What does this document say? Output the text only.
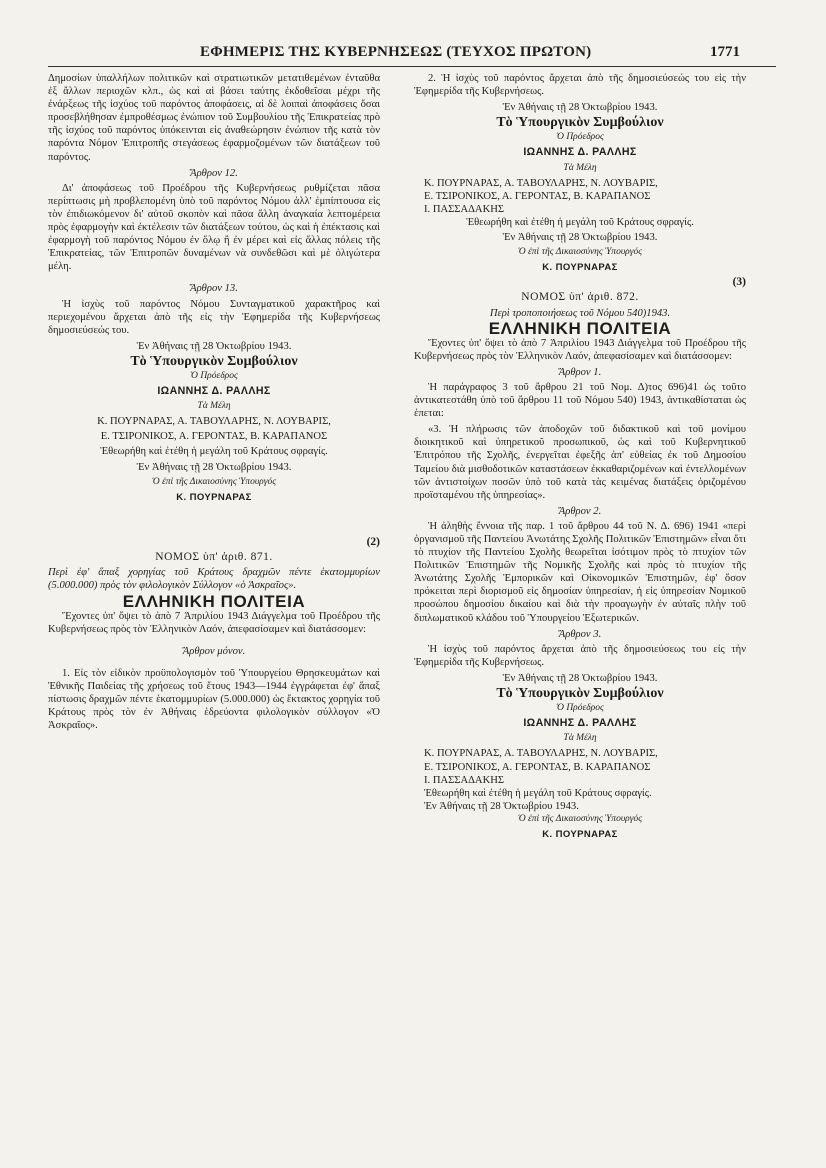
ΕΦΗΜΕΡΙΣ ΤΗΣ ΚΥΒΕΡΝΗΣΕΩΣ (ΤΕΥΧΟΣ ΠΡΩΤΟΝ)	1771

Δημοσίων ὑπαλλήλων πολιτικῶν καὶ στρατιωτικῶν μετατιθεμένων ἐνταῦθα ἐξ ἄλλων περιοχῶν κλπ., ὡς καὶ αἱ βάσει ταύτης ἐκδοθεῖσαι μέχρι τῆς ἐνάρξεως τῆς ἰσχύος τοῦ παρόντος ἀποφάσεις, αἱ δὲ λοιπαὶ ἀποφάσεις ὅσαι προσεβλήθησαν ἐμπροθέσμως ἐνώπιον τοῦ Συμβουλίου τῆς Ἐπικρατείας πρὸ τῆς ἰσχύος τοῦ παρόντος ὑπόκεινται εἰς ἀναθεώρησιν ἐνώπιον τῆς κατὰ τὸν παρόντα Νόμον Ἐπιτροπῆς στεγάσεως ἐφαρμοζομένων τῶν διατάξεων τοῦ παρόντος.

Ἄρθρον 12.

Δι' ἀποφάσεως τοῦ Προέδρου τῆς Κυβερνήσεως ρυθμίζεται πᾶσα περίπτωσις μὴ προβλεπομένη ὑπὸ τοῦ παρόντος Νόμου ἀλλ' ἐμπίπτουσα εἰς τὸν ἐπιδιωκόμενον δι' αὐτοῦ σκοπὸν καὶ πᾶσα ἄλλη ἀναγκαία λεπτομέρεια πρὸς ἐφαρμογὴν καὶ ἐκτέλεσιν τῶν διατάξεων τούτου, ὡς καὶ ἡ ἐπέκτασις καὶ ἐφαρμογὴ τοῦ παρόντος Νόμου ἐν ὅλῳ ἢ ἐν μέρει καὶ εἰς ἄλλας πόλεις τῆς Ἐπικρατείας, τῶν Ἐπιτροπῶν δυναμένων νὰ συνδεθῶσι καὶ μὲ ὀλιγώτερα μέλη.

Ἄρθρον 13.

Ἡ ἰσχὺς τοῦ παρόντος Νόμου Συνταγματικοῦ χαρακτῆρος καὶ περιεχομένου ἄρχεται ἀπὸ τῆς εἰς τὴν Ἐφημερίδα τῆς Κυβερνήσεως δημοσιεύσεώς του.

Ἐν Ἀθήναις τῇ 28 Ὀκτωβρίου 1943.

Τὸ Ὑπουργικὸν Συμβούλιον

Ὁ Πρόεδρος

ΙΩΑΝΝΗΣ Δ. ΡΑΛΛΗΣ

Τὰ Μέλη

Κ. ΠΟΥΡΝΑΡΑΣ, Α. ΤΑΒΟΥΛΑΡΗΣ, Ν. ΛΟΥΒΑΡΙΣ,

Ε. ΤΣΙΡΟΝΙΚΟΣ, Α. ΓΕΡΟΝΤΑΣ, Β. ΚΑΡΑΠΑΝΟΣ

Ἐθεωρήθη καὶ ἐτέθη ἡ μεγάλη τοῦ Κράτους σφραγίς.

Ἐν Ἀθήναις τῇ 28 Ὀκτωβρίου 1943.

Ὁ ἐπὶ τῆς Δικαιοσύνης Ὑπουργός

Κ. ΠΟΥΡΝΑΡΑΣ

(2)

ΝΟΜΟΣ ὑπ' ἀριθ. 871.

Περὶ ἐφ' ἅπαξ χορηγίας τοῦ Κράτους δραχμῶν πέντε ἑκατομμυρίων (5.000.000) πρὸς τὸν φιλολογικὸν Σύλλογον «ὁ Ἀσκραῖος».

ΕΛΛΗΝΙΚΗ ΠΟΛΙΤΕΙΑ

Ἔχοντες ὑπ' ὄψει τὸ ἀπὸ 7 Ἀπριλίου 1943 Διάγγελμα τοῦ Προέδρου τῆς Κυβερνήσεως πρὸς τὸν Ἑλληνικὸν Λαόν, ἀπεφασίσαμεν καὶ διατάσσομεν:

Ἄρθρον μόνον.

1. Εἰς τὸν εἰδικὸν προϋπολογισμὸν τοῦ Ὑπουργείου Θρησκευμάτων καὶ Ἐθνικῆς Παιδείας τῆς χρήσεως τοῦ ἔτους 1943—1944 ἐγγράφεται ἐφ' ἅπαξ πίστωσις δραχμῶν πέντε ἑκατομμυρίων (5.000.000) ὡς ἔκτακτος χορηγία τοῦ Κράτους πρὸς τὸν ἐν Ἀθήναις ἑδρεύοντα φιλολογικὸν σύλλογον «Ὁ Ἀσκραῖος».

2. Ἡ ἰσχὺς τοῦ παρόντος ἄρχεται ἀπὸ τῆς δημοσιεύσεώς του εἰς τὴν Ἐφημερίδα τῆς Κυβερνήσεως.

Ἐν Ἀθήναις τῇ 28 Ὀκτωβρίου 1943.

Τὸ Ὑπουργικὸν Συμβούλιον

Ὁ Πρόεδρος

ΙΩΑΝΝΗΣ Δ. ΡΑΛΛΗΣ

Τὰ Μέλη

Κ. ΠΟΥΡΝΑΡΑΣ, Α. ΤΑΒΟΥΛΑΡΗΣ, Ν. ΛΟΥΒΑΡΙΣ,

Ε. ΤΣΙΡΟΝΙΚΟΣ, Α. ΓΕΡΟΝΤΑΣ, Β. ΚΑΡΑΠΑΝΟΣ

Ι. ΠΑΣΣΑΔΑΚΗΣ

Ἐθεωρήθη καὶ ἐτέθη ἡ μεγάλη τοῦ Κράτους σφραγίς.

Ἐν Ἀθήναις τῇ 28 Ὀκτωβρίου 1943.

Ὁ ἐπὶ τῆς Δικαιοσύνης Ὑπουργός

Κ. ΠΟΥΡΝΑΡΑΣ

(3)

ΝΟΜΟΣ ὑπ' ἀριθ. 872.

Περὶ τροποποιήσεως τοῦ Νόμου 540)1943.

ΕΛΛΗΝΙΚΗ ΠΟΛΙΤΕΙΑ

Ἔχοντες ὑπ' ὄψει τὸ ἀπὸ 7 Ἀπριλίου 1943 Διάγγελμα τοῦ Προέδρου τῆς Κυβερνήσεως πρὸς τὸν Ἑλληνικὸν Λαόν, ἀπεφασίσαμεν καὶ διατάσσομεν:

Ἄρθρον 1.

Ἡ παράγραφος 3 τοῦ ἄρθρου 21 τοῦ Νομ. Δ)τος 696)41 ὡς τοῦτο ἀντικατεστάθη ὑπὸ τοῦ ἄρθρου 11 τοῦ Νόμου 540) 1943, ἀντικαθίσταται ὡς ἑπεται:

«3. Ἡ πλήρωσις τῶν ἀποδοχῶν τοῦ διδακτικοῦ καὶ τοῦ μονίμου διοικητικοῦ καὶ ὑπηρετικοῦ προσωπικοῦ, ὡς καὶ τοῦ Κυβερνητικοῦ Ἐπιτρόπου τῆς Σχολῆς, ἐνεργεῖται ἐφεξῆς ἀπ' εὐθείας ἐκ τοῦ Δημοσίου Ταμείου διὰ μισθοδοτικῶν καταστάσεων ἐκκαθαριζομένων καὶ ἐντελλομένων τῶν ἀντιστοίχων ποσῶν ὑπὸ τοῦ κατὰ τὰς κειμένας διατάξεις ὁριζομένου προϊσταμένου τῆς ὑπηρεσίας».

Ἄρθρον 2.

Ἡ ἀληθὴς ἔννοια τῆς παρ. 1 τοῦ ἄρθρου 44 τοῦ Ν. Δ. 696) 1941 «περὶ ὀργανισμοῦ τῆς Παντείου Ἀνωτάτης Σχολῆς Πολιτικῶν Ἐπιστημῶν» εἶναι ὅτι τὸ πτυχίον τῆς Παντείου Σχολῆς θεωρεῖται ἰσότιμον πρὸς τὸ πτυχίον τῶν Πολιτικῶν Ἐπιστημῶν τῆς Νομικῆς Σχολῆς καὶ πρὸς τὸ πτυχίον τῆς Ἀνωτάτης Σχολῆς Ἐμπορικῶν καὶ Οἰκονομικῶν Ἐπιστημῶν, ἐφ' ὅσον πρόκειται περὶ διορισμοῦ εἰς δημοσίαν ὑπηρεσίαν, ἡ εἰς ὑπηρεσίαν Νομικοῦ προσώπου δημοσίου δικαίου καὶ διὰ τὴν προαγωγὴν ἐν αὐταῖς πλὴν τοῦ διπλωματικοῦ κλάδου τοῦ Ὑπουργείου Ἐξωτερικῶν.

Ἄρθρον 3.

Ἡ ἰσχὺς τοῦ παρόντος ἄρχεται ἀπὸ τῆς δημοσιεύσεως του εἰς τὴν Ἐφημερίδα τῆς Κυβερνήσεως.

Ἐν Ἀθήναις τῇ 28 Ὀκτωβρίου 1943.

Τὸ Ὑπουργικὸν Συμβούλιον

Ὁ Πρόεδρος

ΙΩΑΝΝΗΣ Δ. ΡΑΛΛΗΣ

Τὰ Μέλη

Κ. ΠΟΥΡΝΑΡΑΣ, Α. ΤΑΒΟΥΛΑΡΗΣ, Ν. ΛΟΥΒΑΡΙΣ,

Ε. ΤΣΙΡΟΝΙΚΟΣ, Α. ΓΕΡΟΝΤΑΣ, Β. ΚΑΡΑΠΑΝΟΣ

Ι. ΠΑΣΣΑΔΑΚΗΣ

Ἐθεωρήθη καὶ ἐτέθη ἡ μεγάλη τοῦ Κράτους σφραγίς.

Ἐν Ἀθήναις τῇ 28 Ὀκτωβρίου 1943.

Ὁ ἐπὶ τῆς Δικαιοσύνης Ὑπουργός

Κ. ΠΟΥΡΝΑΡΑΣ
